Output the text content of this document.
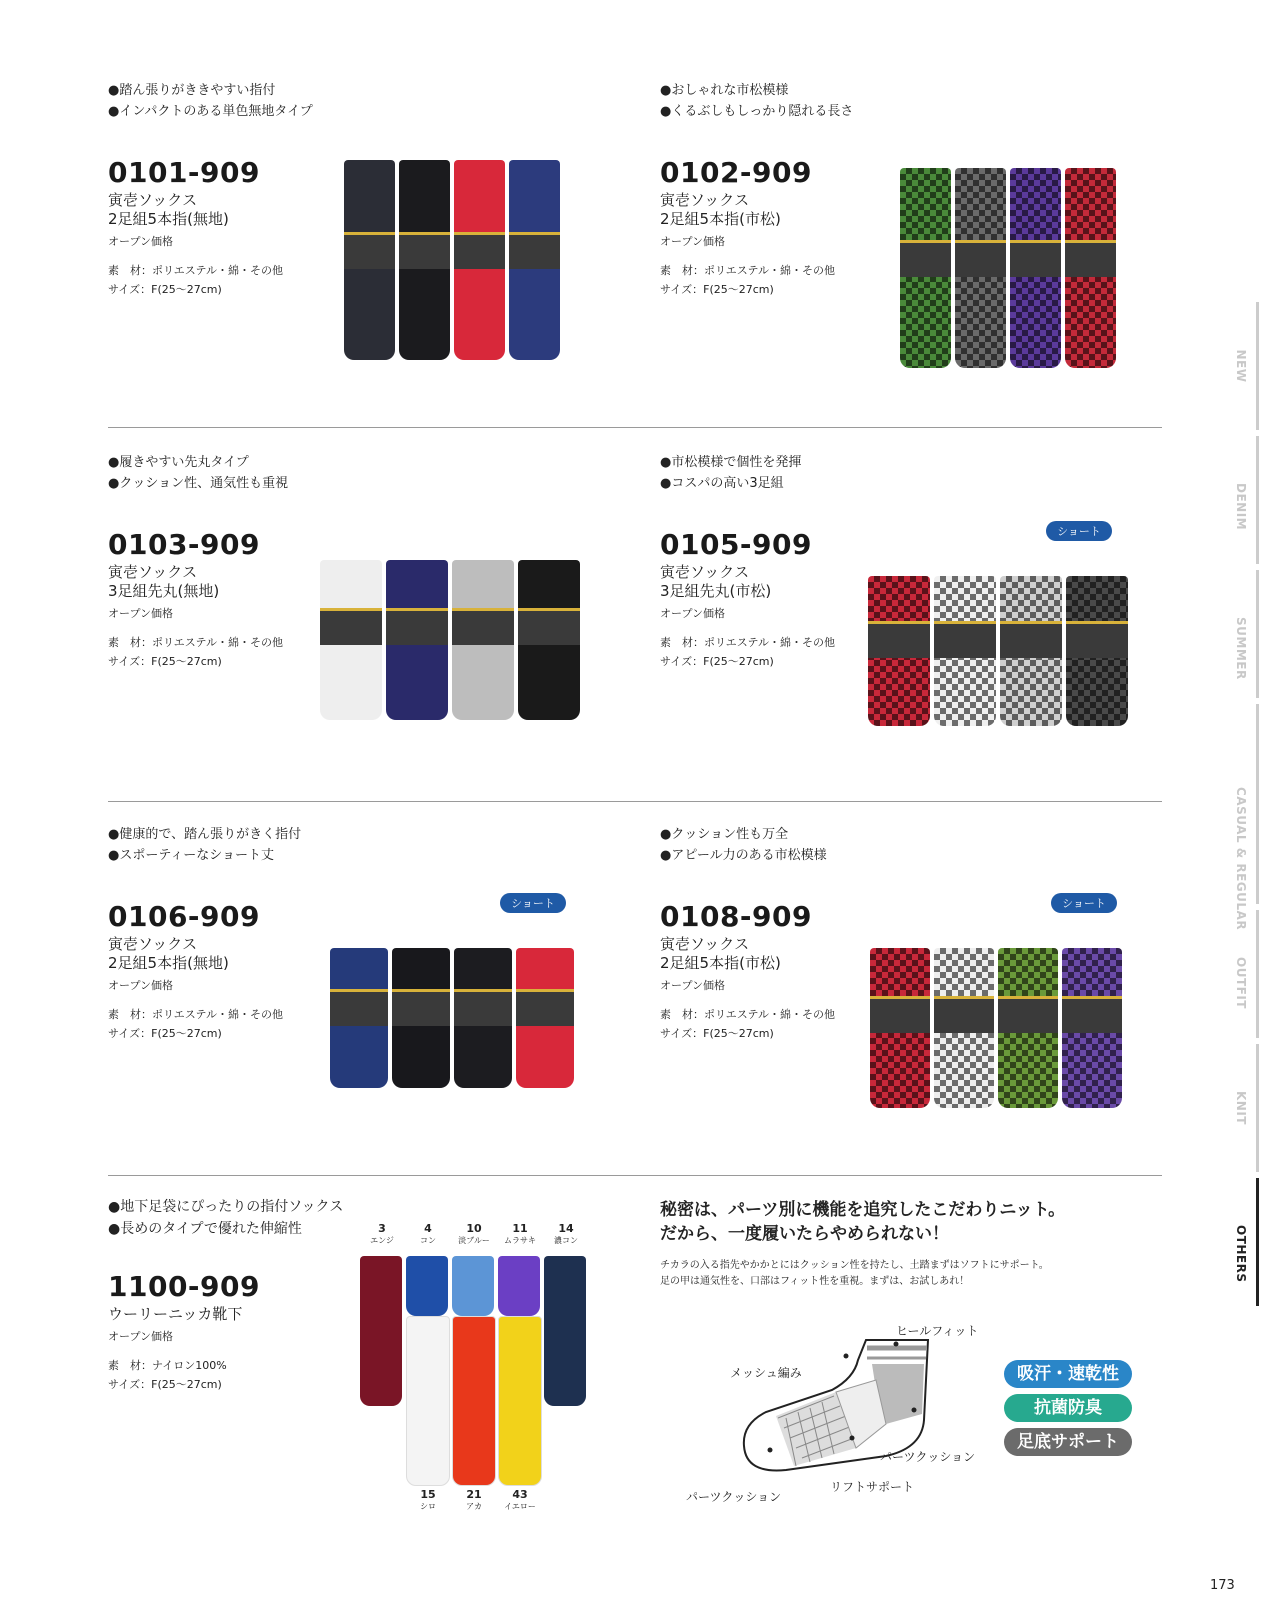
●踏ん張りがききやすい指付
●インパクトのある単色無地タイプ
0101-909
寅壱ソックス
2足組5本指(無地)
オープン価格
素　材：ポリエステル・綿・その他
サイズ：F(25〜27cm)
●おしゃれな市松模様
●くるぶしもしっかり隠れる長さ
0102-909
寅壱ソックス
2足組5本指(市松)
オープン価格
素　材：ポリエステル・綿・その他
サイズ：F(25〜27cm)
●履きやすい先丸タイプ
●クッション性、通気性も重視
0103-909
寅壱ソックス
3足組先丸(無地)
オープン価格
素　材：ポリエステル・綿・その他
サイズ：F(25〜27cm)
●市松模様で個性を発揮
●コスパの高い3足組
0105-909
寅壱ソックス
3足組先丸(市松)
オープン価格
素　材：ポリエステル・綿・その他
サイズ：F(25〜27cm)
ショート
●健康的で、踏ん張りがきく指付
●スポーティーなショート丈
0106-909
寅壱ソックス
2足組5本指(無地)
オープン価格
素　材：ポリエステル・綿・その他
サイズ：F(25〜27cm)
ショート
●クッション性も万全
●アピール力のある市松模様
0108-909
寅壱ソックス
2足組5本指(市松)
オープン価格
素　材：ポリエステル・綿・その他
サイズ：F(25〜27cm)
ショート
●地下足袋にぴったりの指付ソックス
●長めのタイプで優れた伸縮性
1100-909
ウーリーニッカ靴下
オープン価格
素　材：ナイロン100%
サイズ：F(25〜27cm)
3
エンジ
4
コン
10
淡ブルー
11
ムラサキ
14
濃コン
15
シロ
21
アカ
43
イエロー
秘密は、パーツ別に機能を追究したこだわりニット。
だから、一度履いたらやめられない！
チカラの入る指先やかかとにはクッション性を持たし、土踏まずはソフトにサポート。
足の甲は通気性を、口部はフィット性を重視。まずは、お試しあれ！
ヒールフィット
メッシュ編み
パーツクッション
リフトサポート
パーツクッション
吸汗・速乾性
抗菌防臭
足底サポート
NEW
DENIM
SUMMER
CASUAL & REGULAR
OUTFIT
KNIT
OTHERS
173
